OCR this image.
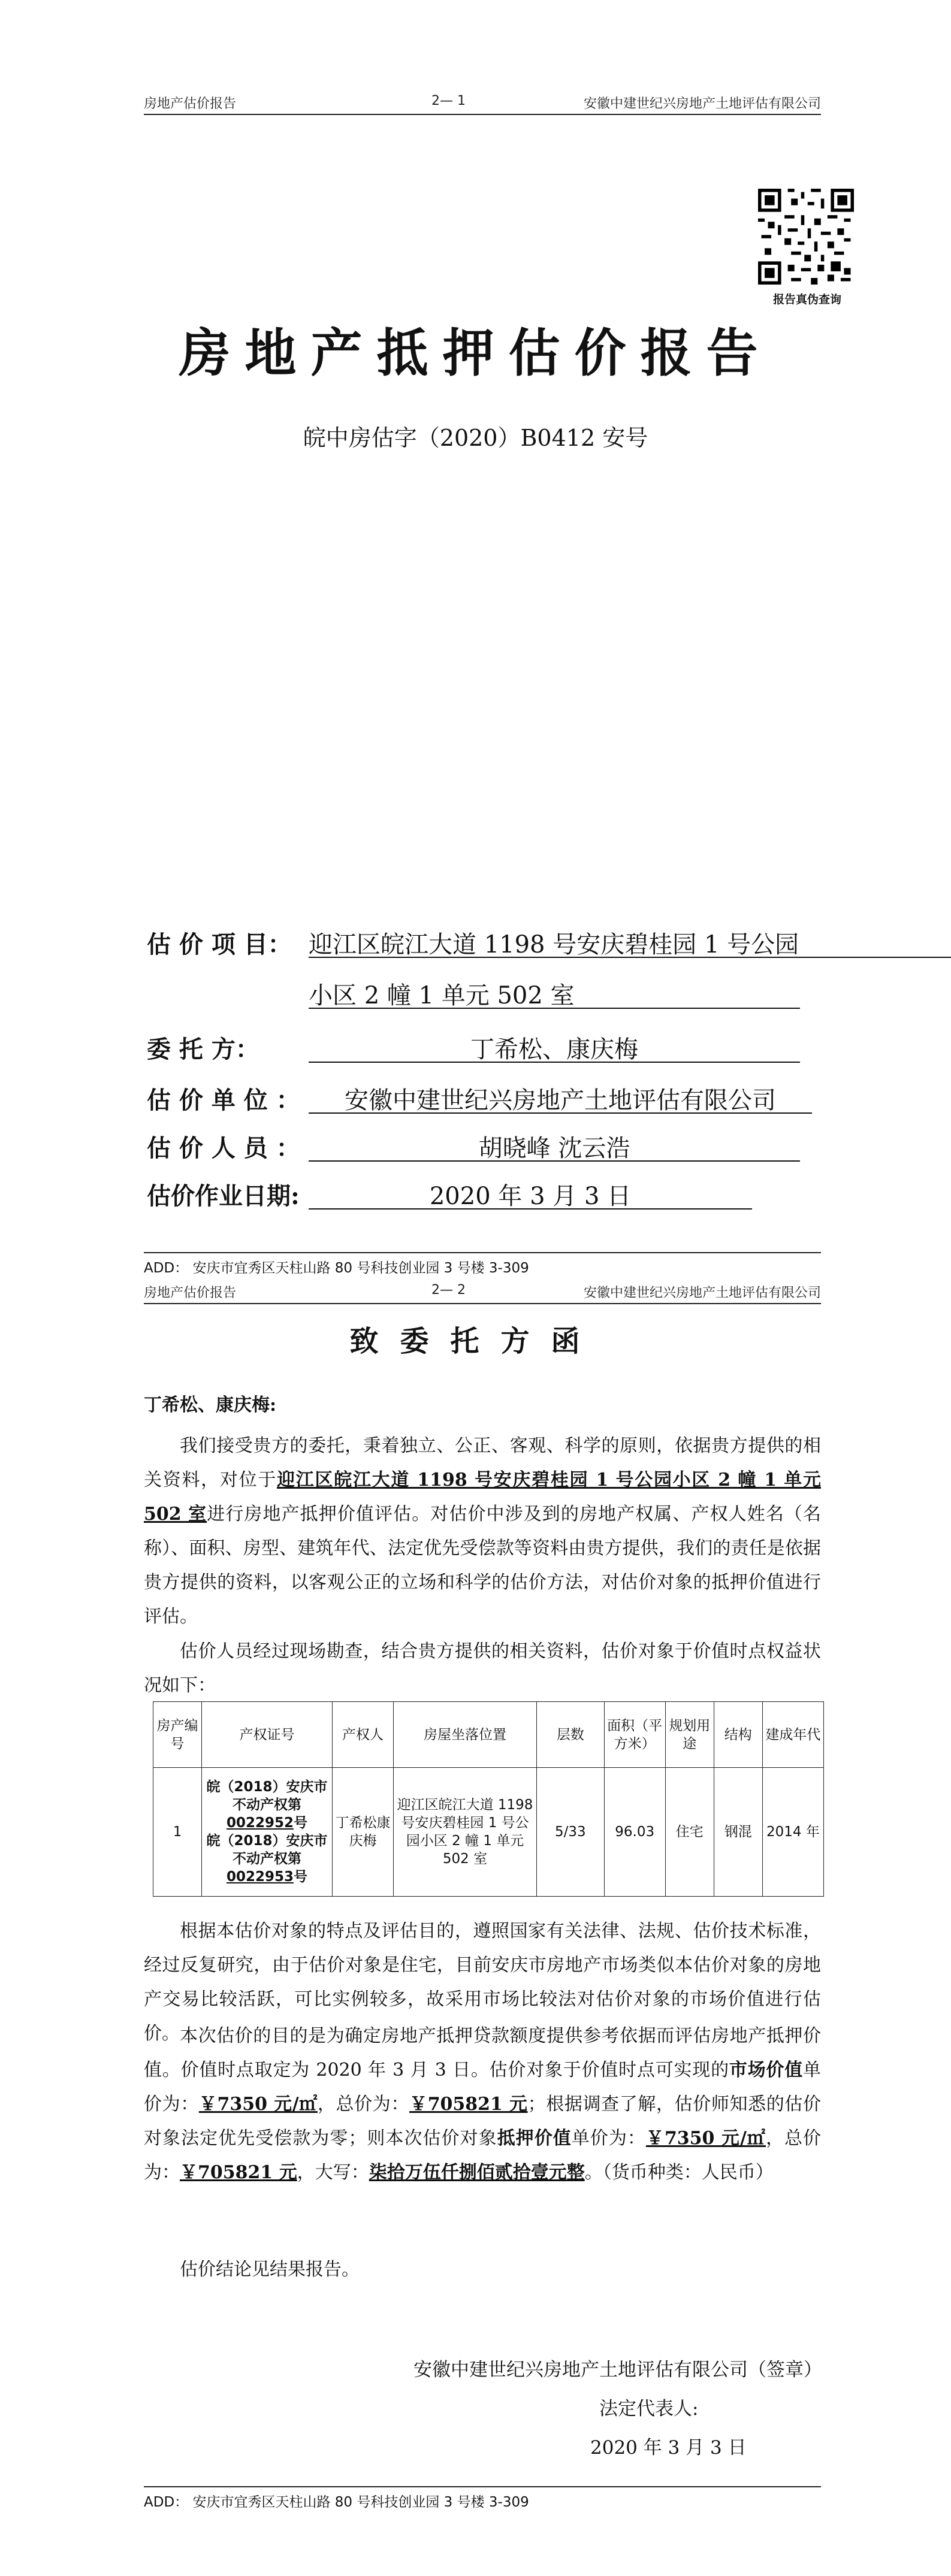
房地产估价报告	2— 1	安徽中建世纪兴房地产土地评估有限公司
报告真伪查询
房地产抵押估价报告
皖中房估字（2020）B0412 安号
估 价 项 目： 迎江区皖江大道 1198 号安庆碧桂园 1 号公园
小区 2 幢 1 单元 502 室
委 托 方：	丁希松、康庆梅
估 价 单 位 ：	安徽中建世纪兴房地产土地评估有限公司
估 价 人 员 ：	胡晓峰 沈云浩
估价作业日期:	2020 年 3 月 3 日
ADD： 安庆市宜秀区天柱山路 80 号科技创业园 3 号楼 3-309
房地产估价报告	2— 2	安徽中建世纪兴房地产土地评估有限公司
致委托方函
丁希松、康庆梅:

我们接受贵方的委托，秉着独立、公正、客观、科学的原则，依据贵方提供的相关资料，对位于迎江区皖江大道 1198 号安庆碧桂园 1 号公园小区 2 幢 1 单元 502 室进行房地产抵押价值评估。对估价中涉及到的房地产权属、产权人姓名（名称）、面积、房型、建筑年代、法定优先受偿款等资料由贵方提供，我们的责任是依据贵方提供的资料，以客观公正的立场和科学的估价方法，对估价对象的抵押价值进行评估。

估价人员经过现场勘查，结合贵方提供的相关资料，估价对象于价值时点权益状况如下：

房产编号	产权证号	产权人	房屋坐落位置	层数	面积（平方米）	规划用途	结构	建成年代
1	皖（2018）安庆市不动产权第0022952号
皖（2018）安庆市不动产权第0022953号	丁希松康庆梅	迎江区皖江大道 1198 号安庆碧桂园 1 号公园小区 2 幢 1 单元 502 室	5/33	96.03	住宅	钢混	2014 年

根据本估价对象的特点及评估目的，遵照国家有关法律、法规、估价技术标准，经过反复研究，由于估价对象是住宅，目前安庆市房地产市场类似本估价对象的房地产交易比较活跃，可比实例较多，故采用市场比较法对估价对象的市场价值进行估价。 本次估价的目的是为确定房地产抵押贷款额度提供参考依据而评估房地产抵押价值。价值时点取定为 2020 年 3 月 3 日。估价对象于价值时点可实现的市场价值单价为：￥7350 元/㎡，总价为：￥705821 元；根据调查了解，估价师知悉的估价对象法定优先受偿款为零；则本次估价对象抵押价值单价为：￥7350 元/㎡，总价为：￥705821 元，大写：柒拾万伍仟捌佰贰拾壹元整。（货币种类：人民币）

估价结论见结果报告。

安徽中建世纪兴房地产土地评估有限公司（签章）
法定代表人:
2020 年 3 月 3 日
ADD： 安庆市宜秀区天柱山路 80 号科技创业园 3 号楼 3-309
